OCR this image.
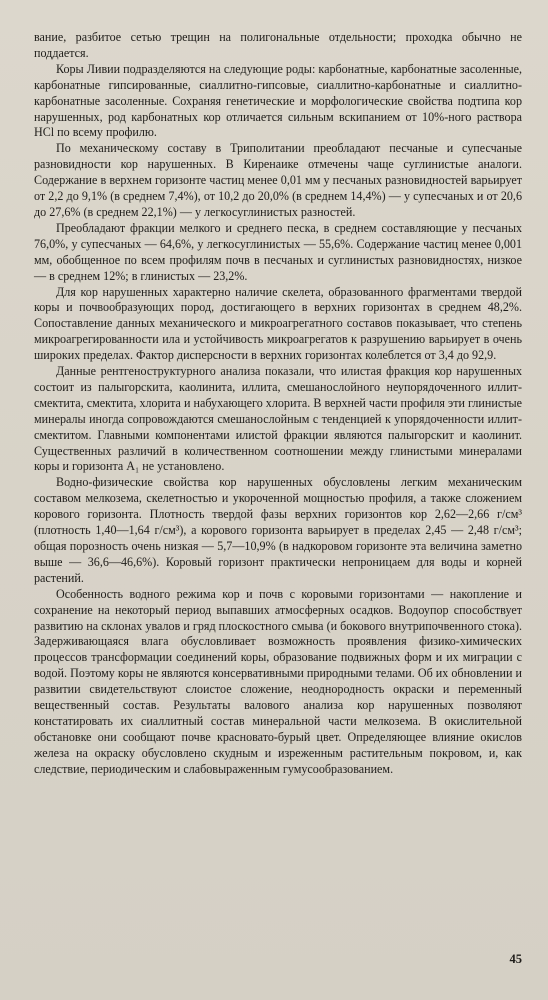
вание, разбитое сетью трещин на полигональные отдельности; проходка обычно не поддается.

Коры Ливии подразделяются на следующие роды: карбонатные, карбонатные засоленные, карбонатные гипсированные, сиаллитно-гипсовые, сиаллитно-карбонатные и сиаллитно-карбонатные засоленные. Сохраняя генетические и морфологические свойства подтипа кор нарушенных, род карбонатных кор отличается сильным вскипанием от 10%-ного раствора HCl по всему профилю.

По механическому составу в Триполитании преобладают песчаные и супесчаные разновидности кор нарушенных. В Киренаике отмечены чаще суглинистые аналоги. Содержание в верхнем горизонте частиц менее 0,01 мм у песчаных разновидностей варьирует от 2,2 до 9,1% (в среднем 7,4%), от 10,2 до 20,0% (в среднем 14,4%) — у супесчаных и от 20,6 до 27,6% (в среднем 22,1%) — у легкосуглинистых разностей.

Преобладают фракции мелкого и среднего песка, в среднем составляющие у песчаных 76,0%, у супесчаных — 64,6%, у легкосуглинистых — 55,6%. Содержание частиц менее 0,001 мм, обобщенное по всем профилям почв в песчаных и суглинистых разновидностях, низкое — в среднем 12%; в глинистых — 23,2%.

Для кор нарушенных характерно наличие скелета, образованного фрагментами твердой коры и почвообразующих пород, достигающего в верхних горизонтах в среднем 48,2%. Сопоставление данных механического и микроагрегатного составов показывает, что степень микроагрегированности ила и устойчивость микроагрегатов к разрушению варьирует в очень широких пределах. Фактор дисперсности в верхних горизонтах колеблется от 3,4 до 92,9.

Данные рентгеноструктурного анализа показали, что илистая фракция кор нарушенных состоит из палыгорскита, каолинита, иллита, смешанослойного неупорядоченного иллит-смектита, смектита, хлорита и набухающего хлорита. В верхней части профиля эти глинистые минералы иногда сопровождаются смешанослойным с тенденцией к упорядоченности иллит-смектитом. Главными компонентами илистой фракции являются палыгорскит и каолинит. Существенных различий в количественном соотношении между глинистыми минералами коры и горизонта A₁ не установлено.

Водно-физические свойства кор нарушенных обусловлены легким механическим составом мелкозема, скелетностью и укороченной мощностью профиля, а также сложением корового горизонта. Плотность твердой фазы верхних горизонтов кор 2,62—2,66 г/см³ (плотность 1,40—1,64 г/см³), а корового горизонта варьирует в пределах 2,45 — 2,48 г/см³; общая порозность очень низкая — 5,7—10,9% (в надкоровом горизонте эта величина заметно выше — 36,6—46,6%). Коровый горизонт практически непроницаем для воды и корней растений.

Особенность водного режима кор и почв с коровыми горизонтами — накопление и сохранение на некоторый период выпавших атмосферных осадков. Водоупор способствует развитию на склонах увалов и гряд плоскостного смыва (и бокового внутрипочвенного стока). Задерживающаяся влага обусловливает возможность проявления физико-химических процессов трансформации соединений коры, образование подвижных форм и их миграции с водой. Поэтому коры не являются консервативными природными телами. Об их обновлении и развитии свидетельствуют слоистое сложение, неоднородность окраски и переменный вещественный состав. Результаты валового анализа кор нарушенных позволяют констатировать их сиаллитный состав минеральной части мелкозема. В окислительной обстановке они сообщают почве красновато-бурый цвет. Определяющее влияние окислов железа на окраску обусловлено скудным и изреженным растительным покровом, и, как следствие, периодическим и слабовыраженным гумусообразованием.

45
